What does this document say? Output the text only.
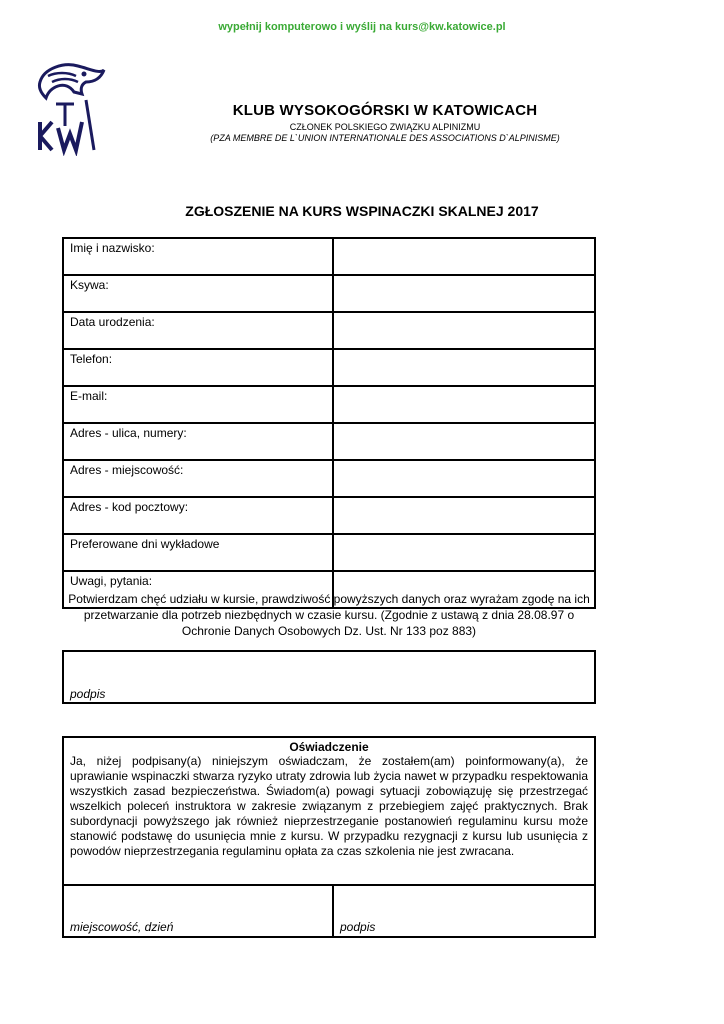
wypełnij komputerowo i wyślij na kurs@kw.katowice.pl
KLUB WYSOKOGÓRSKI W KATOWICACH
CZŁONEK POLSKIEGO ZWIĄZKU ALPINIZMU
(PZA MEMBRE DE L`UNION INTERNATIONALE DES ASSOCIATIONS D`ALPINISME)
ZGŁOSZENIE NA KURS WSPINACZKI SKALNEJ 2017
Imię i nazwisko:	
Ksywa:	
Data urodzenia:	
Telefon:	
E-mail:	
Adres - ulica, numery:	
Adres - miejscowość:	
Adres - kod pocztowy:	
Preferowane dni wykładowe	
Uwagi, pytania:	
Potwierdzam chęć udziału w kursie, prawdziwość powyższych danych oraz wyrażam zgodę na ich przetwarzanie dla potrzeb niezbędnych w czasie kursu. (Zgodnie z ustawą z dnia 28.08.97 o Ochronie Danych Osobowych Dz. Ust. Nr 133 poz 883)
podpis
Oświadczenie
Ja, niżej podpisany(a) niniejszym oświadczam, że zostałem(am) poinformowany(a), że uprawianie wspinaczki stwarza ryzyko utraty zdrowia lub życia nawet w przypadku respektowania wszystkich zasad bezpieczeństwa. Świadom(a) powagi sytuacji zobowiązuję się przestrzegać wszelkich poleceń instruktora w zakresie związanym z przebiegiem zajęć praktycznych. Brak subordynacji powyższego jak również nieprzestrzeganie postanowień regulaminu kursu może stanowić podstawę do usunięcia mnie z kursu. W przypadku rezygnacji z kursu lub usunięcia z powodów nieprzestrzegania regulaminu opłata za czas szkolenia nie jest zwracana.
miejscowość, dzień	podpis
